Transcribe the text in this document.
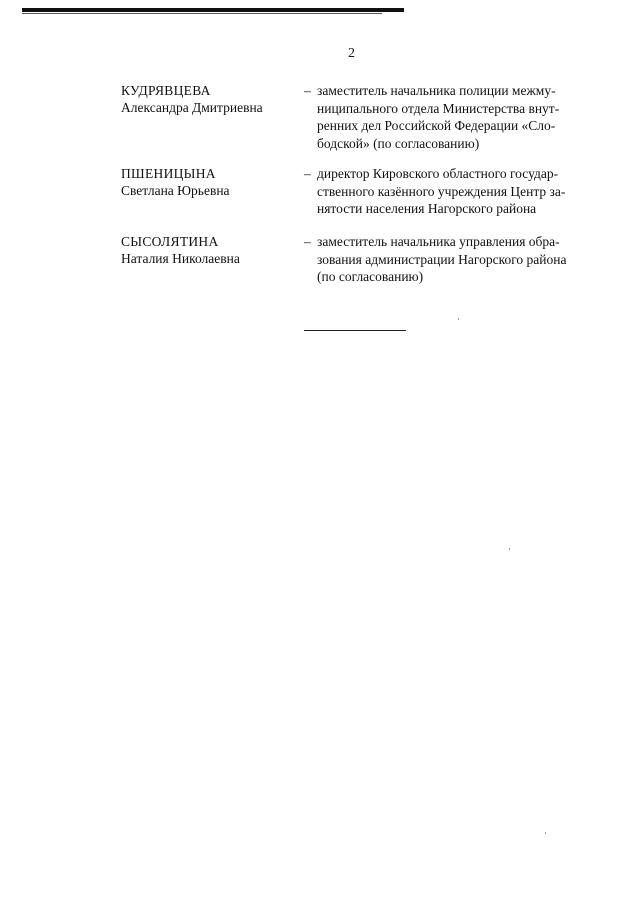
2
КУДРЯВЦЕВА
Александра Дмитриевна
– заместитель начальника полиции межму-
ниципального отдела Министерства внут-
ренних дел Российской Федерации «Сло-
бодской» (по согласованию)
ПШЕНИЦЫНА
Светлана Юрьевна
– директор Кировского областного государ-
ственного казённого учреждения Центр за-
нятости населения Нагорского района
СЫСОЛЯТИНА
Наталия Николаевна
– заместитель начальника управления обра-
зования администрации Нагорского района
(по согласованию)
